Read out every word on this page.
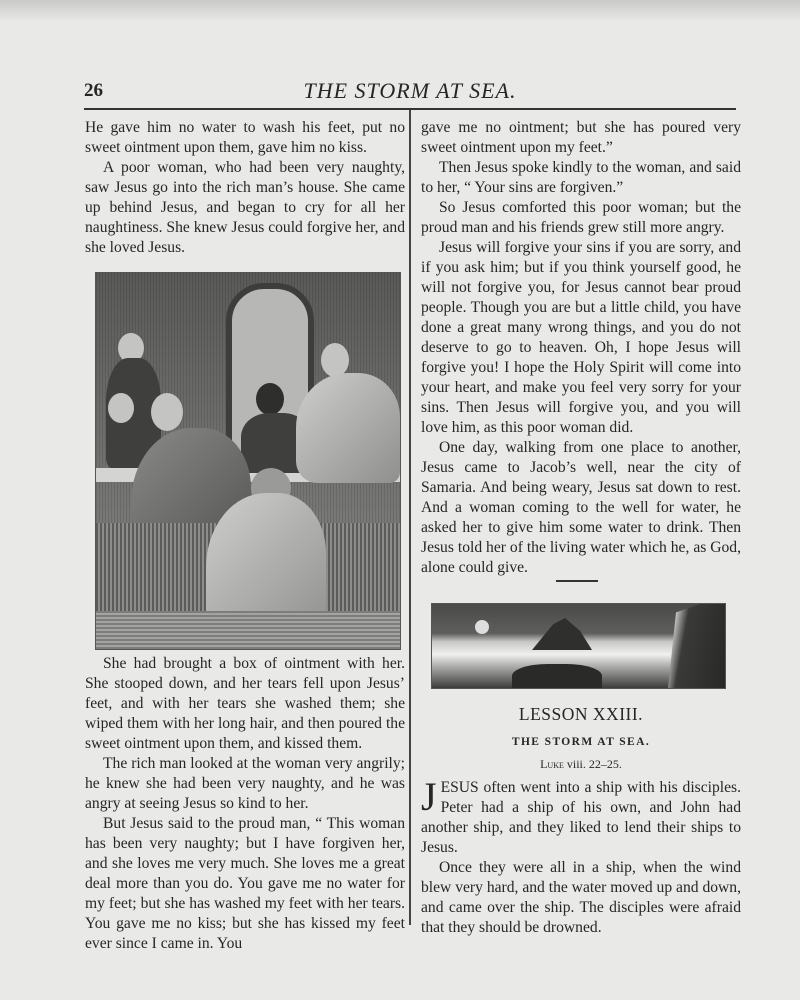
26	THE STORM AT SEA.

He gave him no water to wash his feet, put no sweet ointment upon them, gave him no kiss.

A poor woman, who had been very naughty, saw Jesus go into the rich man’s house. She came up behind Jesus, and began to cry for all her naughtiness. She knew Jesus could forgive her, and she loved Jesus.

She had brought a box of ointment with her. She stooped down, and her tears fell upon Jesus’ feet, and with her tears she washed them; she wiped them with her long hair, and then poured the sweet ointment upon them, and kissed them.

The rich man looked at the woman very angrily; he knew she had been very naughty, and he was angry at seeing Jesus so kind to her.

But Jesus said to the proud man, “ This woman has been very naughty; but I have forgiven her, and she loves me very much. She loves me a great deal more than you do. You gave me no water for my feet; but she has washed my feet with her tears. You gave me no kiss; but she has kissed my feet ever since I came in. You

gave me no ointment; but she has poured very sweet ointment upon my feet.”

Then Jesus spoke kindly to the woman, and said to her, “ Your sins are forgiven.”

So Jesus comforted this poor woman; but the proud man and his friends grew still more angry.

Jesus will forgive your sins if you are sorry, and if you ask him; but if you think yourself good, he will not forgive you, for Jesus cannot bear proud people. Though you are but a little child, you have done a great many wrong things, and you do not deserve to go to heaven. Oh, I hope Jesus will forgive you! I hope the Holy Spirit will come into your heart, and make you feel very sorry for your sins. Then Jesus will forgive you, and you will love him, as this poor woman did.

One day, walking from one place to another, Jesus came to Jacob’s well, near the city of Samaria. And being weary, Jesus sat down to rest. And a woman coming to the well for water, he asked her to give him some water to drink. Then Jesus told her of the living water which he, as God, alone could give.

LESSON XXIII.
THE STORM AT SEA.
Luke viii. 22–25.

JESUS often went into a ship with his disciples. Peter had a ship of his own, and John had another ship, and they liked to lend their ships to Jesus.

Once they were all in a ship, when the wind blew very hard, and the water moved up and down, and came over the ship. The disciples were afraid that they should be drowned.
